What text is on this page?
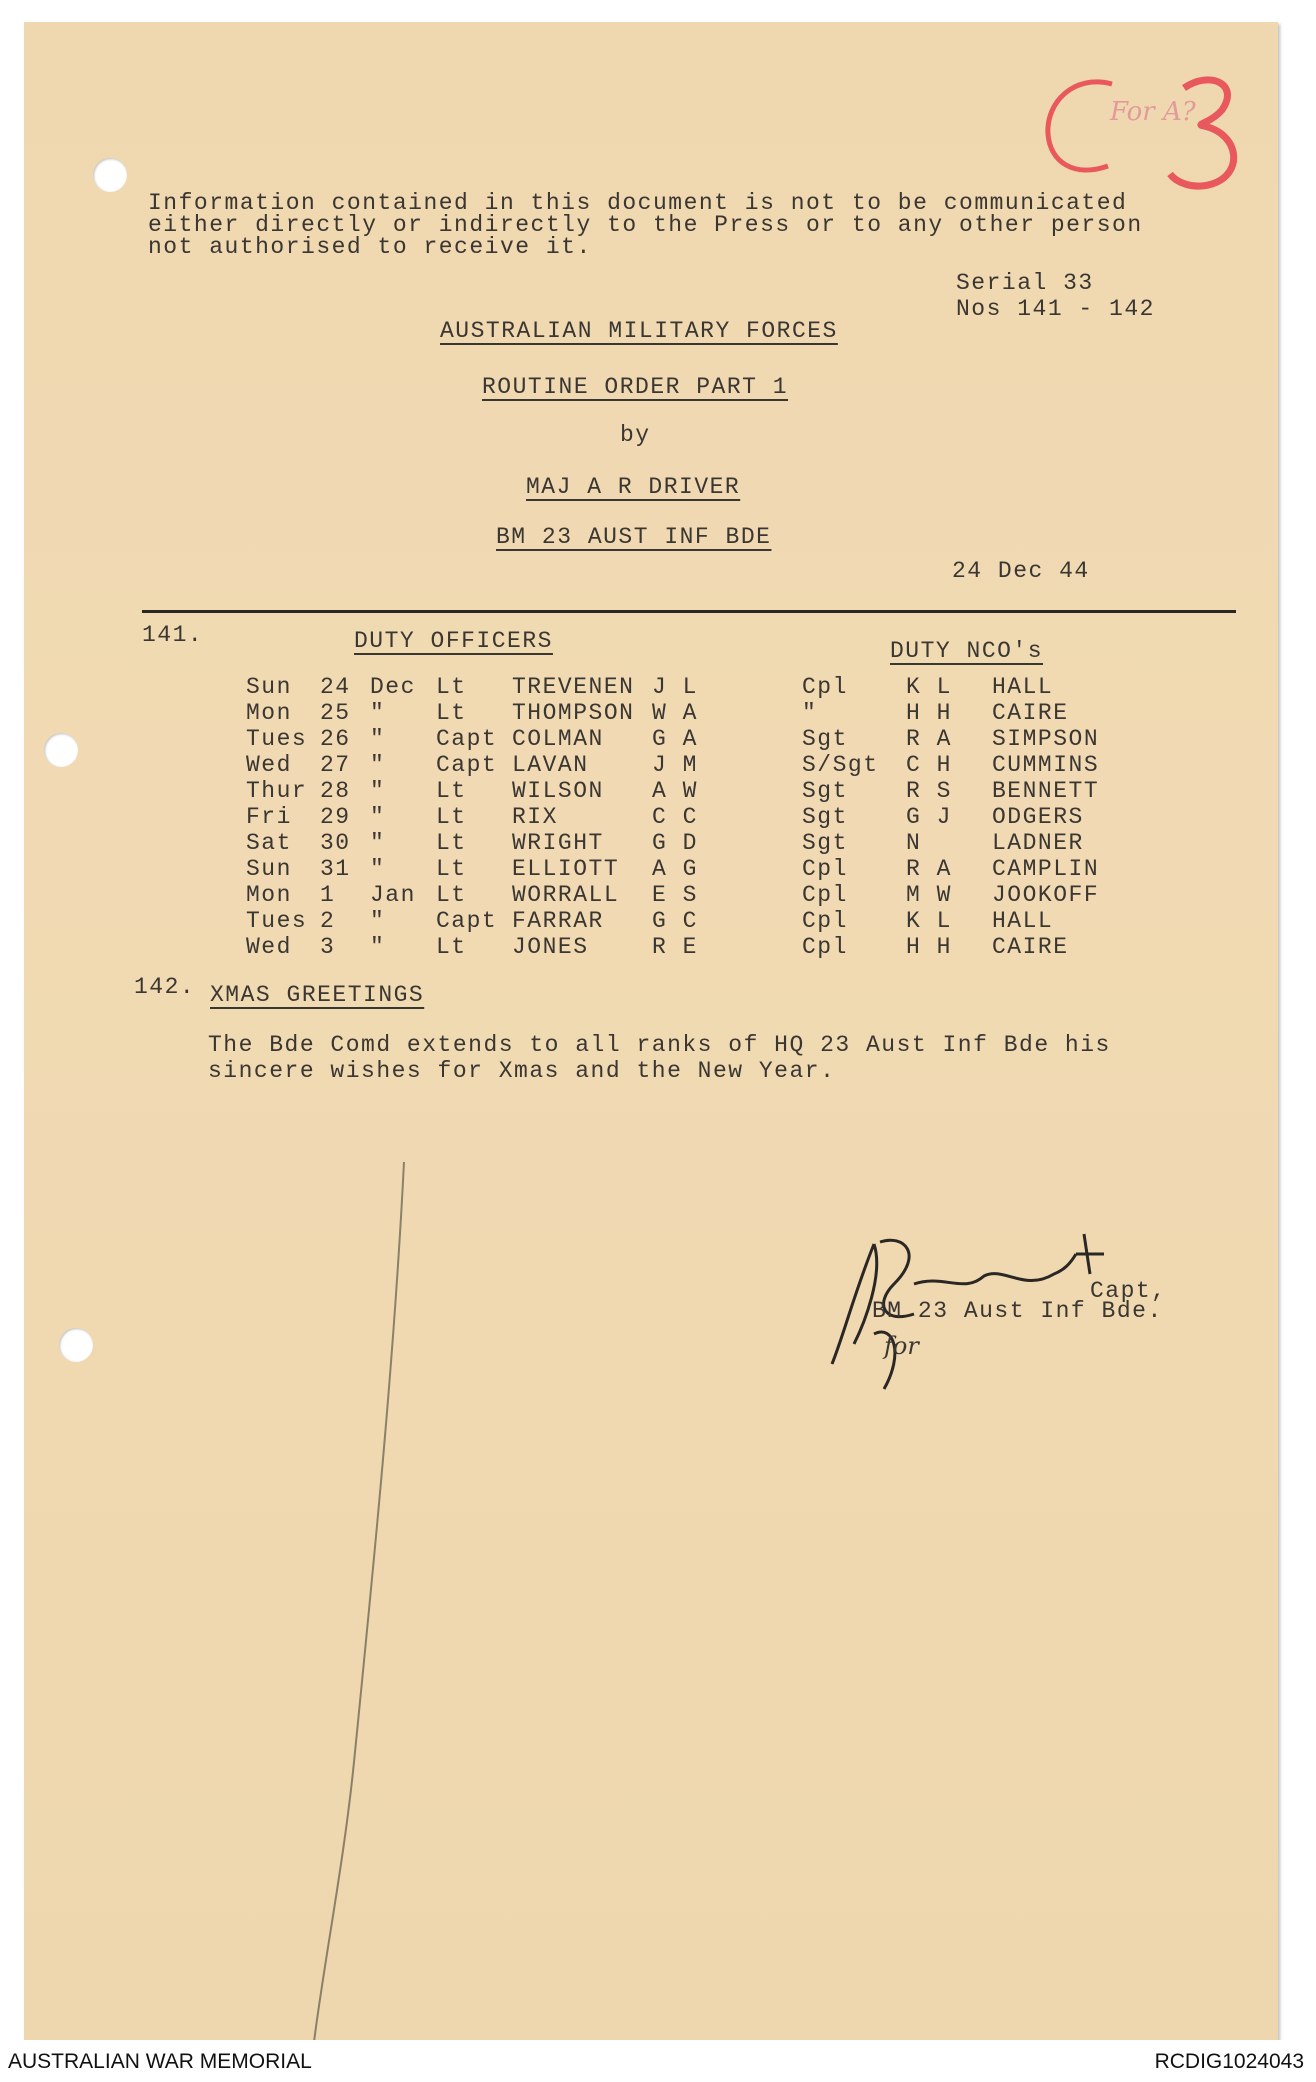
For A?
Information contained in this document is not to be communicated
either directly or indirectly to the Press or to any other person
not authorised to receive it.
Serial 33
Nos 141 - 142
AUSTRALIAN MILITARY FORCES
ROUTINE ORDER PART 1
by
MAJ A R DRIVER
BM 23 AUST INF BDE
24 Dec 44
141.	DUTY OFFICERS	DUTY NCO's
Sun	24	Dec	Lt	TREVENEN	J L	Cpl	K L	HALL
Mon	25	"	Lt	THOMPSON	W A	"	H H	CAIRE
Tues	26	"	Capt	COLMAN	G A	Sgt	R A	SIMPSON
Wed	27	"	Capt	LAVAN	J M	S/Sgt	C H	CUMMINS
Thur	28	"	Lt	WILSON	A W	Sgt	R S	BENNETT
Fri	29	"	Lt	RIX	C C	Sgt	G J	ODGERS
Sat	30	"	Lt	WRIGHT	G D	Sgt	N	LADNER
Sun	31	"	Lt	ELLIOTT	A G	Cpl	R A	CAMPLIN
Mon	1	Jan	Lt	WORRALL	E S	Cpl	M W	JOOKOFF
Tues	2	"	Capt	FARRAR	G C	Cpl	K L	HALL
Wed	3	"	Lt	JONES	R E	Cpl	H H	CAIRE
142. XMAS GREETINGS
The Bde Comd extends to all ranks of HQ 23 Aust Inf Bde his
sincere wishes for Xmas and the New Year.
Capt,
BM 23 Aust Inf Bde.
for
AUSTRALIAN WAR MEMORIAL	RCDIG1024043
